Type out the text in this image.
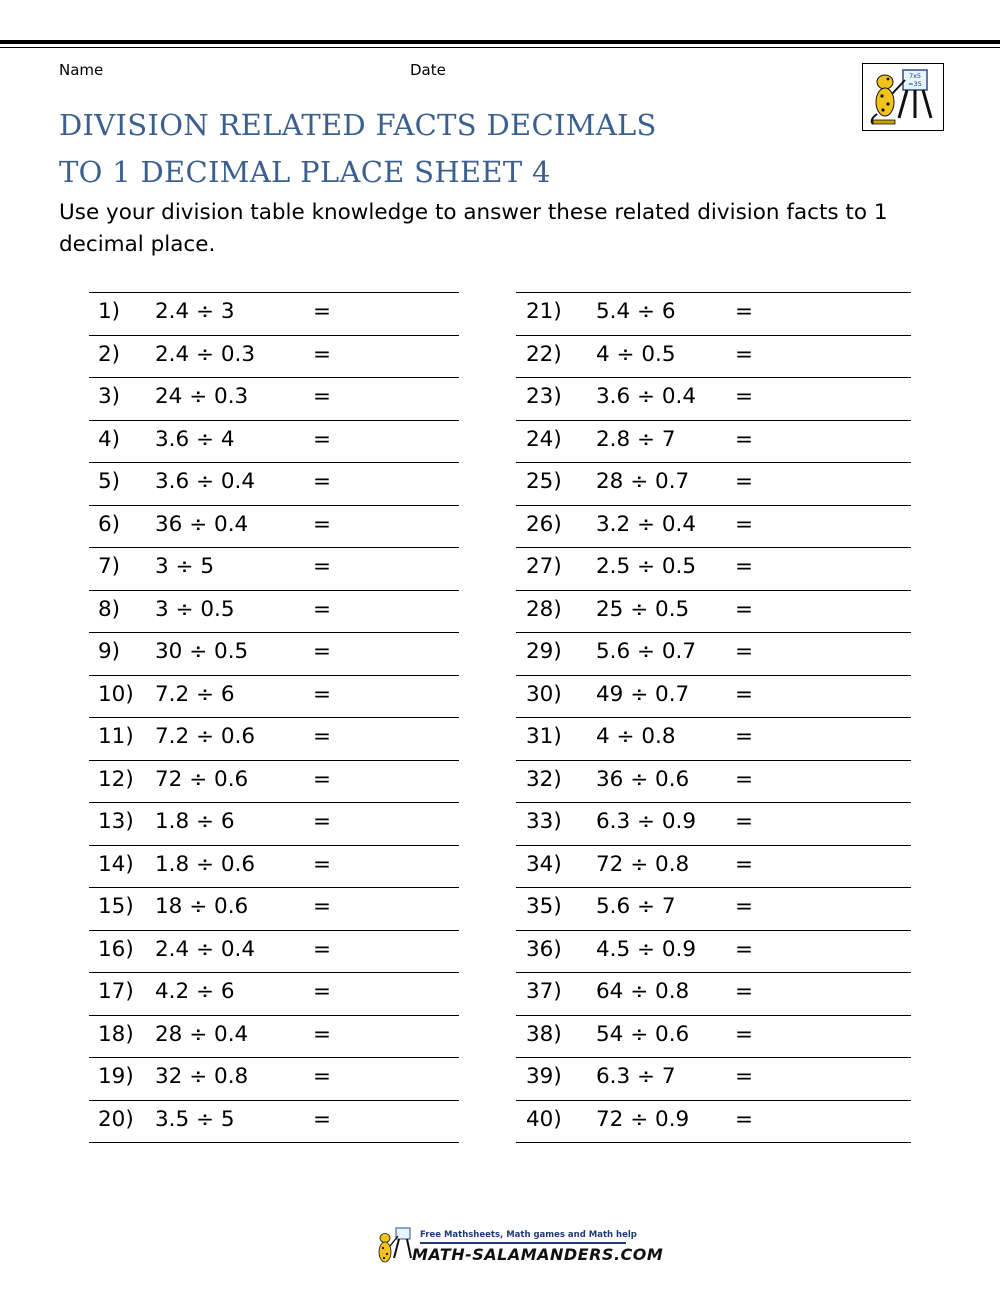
Name	Date	7x5
=35
DIVISION RELATED FACTS DECIMALS
TO 1 DECIMAL PLACE SHEET 4
Use your division table knowledge to answer these related division facts to 1 decimal place.
1) 2.4 ÷ 3	=
2) 2.4 ÷ 0.3	=
3) 24 ÷ 0.3	=
4) 3.6 ÷ 4	=
5) 3.6 ÷ 0.4	=
6) 36 ÷ 0.4	=
7) 3 ÷ 5	=
8) 3 ÷ 0.5	=
9) 30 ÷ 0.5	=
10) 7.2 ÷ 6	=
11) 7.2 ÷ 0.6	=
12) 72 ÷ 0.6	=
13) 1.8 ÷ 6	=
14) 1.8 ÷ 0.6	=
15) 18 ÷ 0.6	=
16) 2.4 ÷ 0.4	=
17) 4.2 ÷ 6	=
18) 28 ÷ 0.4	=
19) 32 ÷ 0.8	=
20) 3.5 ÷ 5	=
21) 5.4 ÷ 6	=
22) 4 ÷ 0.5	=
23) 3.6 ÷ 0.4 =
24) 2.8 ÷ 7	=
25) 28 ÷ 0.7 =
26) 3.2 ÷ 0.4 =
27) 2.5 ÷ 0.5 =
28) 25 ÷ 0.5 =
29) 5.6 ÷ 0.7 =
30) 49 ÷ 0.7 =
31) 4 ÷ 0.8	=
32) 36 ÷ 0.6 =
33) 6.3 ÷ 0.9 =
34) 72 ÷ 0.8 =
35) 5.6 ÷ 7	=
36) 4.5 ÷ 0.9 =
37) 64 ÷ 0.8 =
38) 54 ÷ 0.6 =
39) 6.3 ÷ 7	=
40) 72 ÷ 0.9 =
Free Mathsheets, Math games and Math help
MATH-SALAMANDERS.COM
